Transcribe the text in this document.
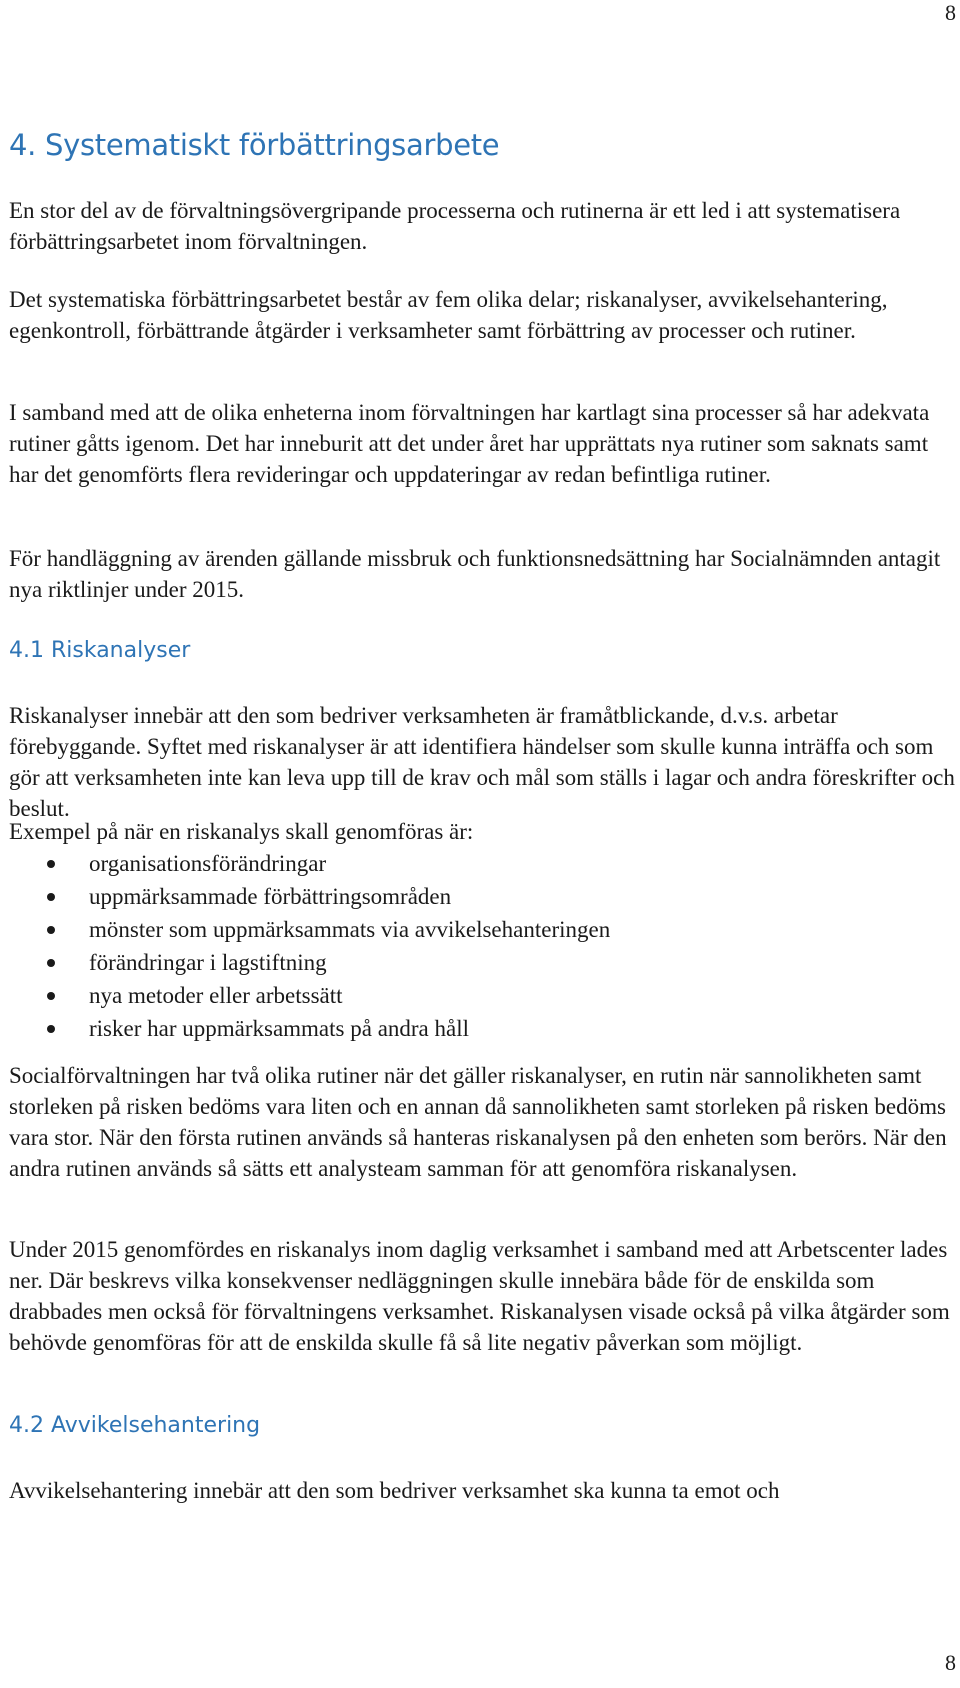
8
4. Systematiskt förbättringsarbete

En stor del av de förvaltningsövergripande processerna och rutinerna är ett led i att systematisera förbättringsarbetet inom förvaltningen.

Det systematiska förbättringsarbetet består av fem olika delar; riskanalyser, avvikelsehantering, egenkontroll, förbättrande åtgärder i verksamheter samt förbättring av processer och rutiner.

I samband med att de olika enheterna inom förvaltningen har kartlagt sina processer så har adekvata rutiner gåtts igenom. Det har inneburit att det under året har upprättats nya rutiner som saknats samt har det genomförts flera revideringar och uppdateringar av redan befintliga rutiner.

För handläggning av ärenden gällande missbruk och funktionsnedsättning har Socialnämnden antagit nya riktlinjer under 2015.

4.1 Riskanalyser

Riskanalyser innebär att den som bedriver verksamheten är framåtblickande, d.v.s. arbetar förebyggande. Syftet med riskanalyser är att identifiera händelser som skulle kunna inträffa och som gör att verksamheten inte kan leva upp till de krav och mål som ställs i lagar och andra föreskrifter och beslut.

Exempel på när en riskanalys skall genomföras är:

organisationsförändringar
uppmärksammade förbättringsområden
mönster som uppmärksammats via avvikelsehanteringen
förändringar i lagstiftning
nya metoder eller arbetssätt
risker har uppmärksammats på andra håll

Socialförvaltningen har två olika rutiner när det gäller riskanalyser, en rutin när sannolikheten samt storleken på risken bedöms vara liten och en annan då sannolikheten samt storleken på risken bedöms vara stor. När den första rutinen används så hanteras riskanalysen på den enheten som berörs. När den andra rutinen används så sätts ett analysteam samman för att genomföra riskanalysen.

Under 2015 genomfördes en riskanalys inom daglig verksamhet i samband med att Arbetscenter lades ner. Där beskrevs vilka konsekvenser nedläggningen skulle innebära både för de enskilda som drabbades men också för förvaltningens verksamhet. Riskanalysen visade också på vilka åtgärder som behövde genomföras för att de enskilda skulle få så lite negativ påverkan som möjligt.

4.2 Avvikelsehantering

Avvikelsehantering innebär att den som bedriver verksamhet ska kunna ta emot och

8
